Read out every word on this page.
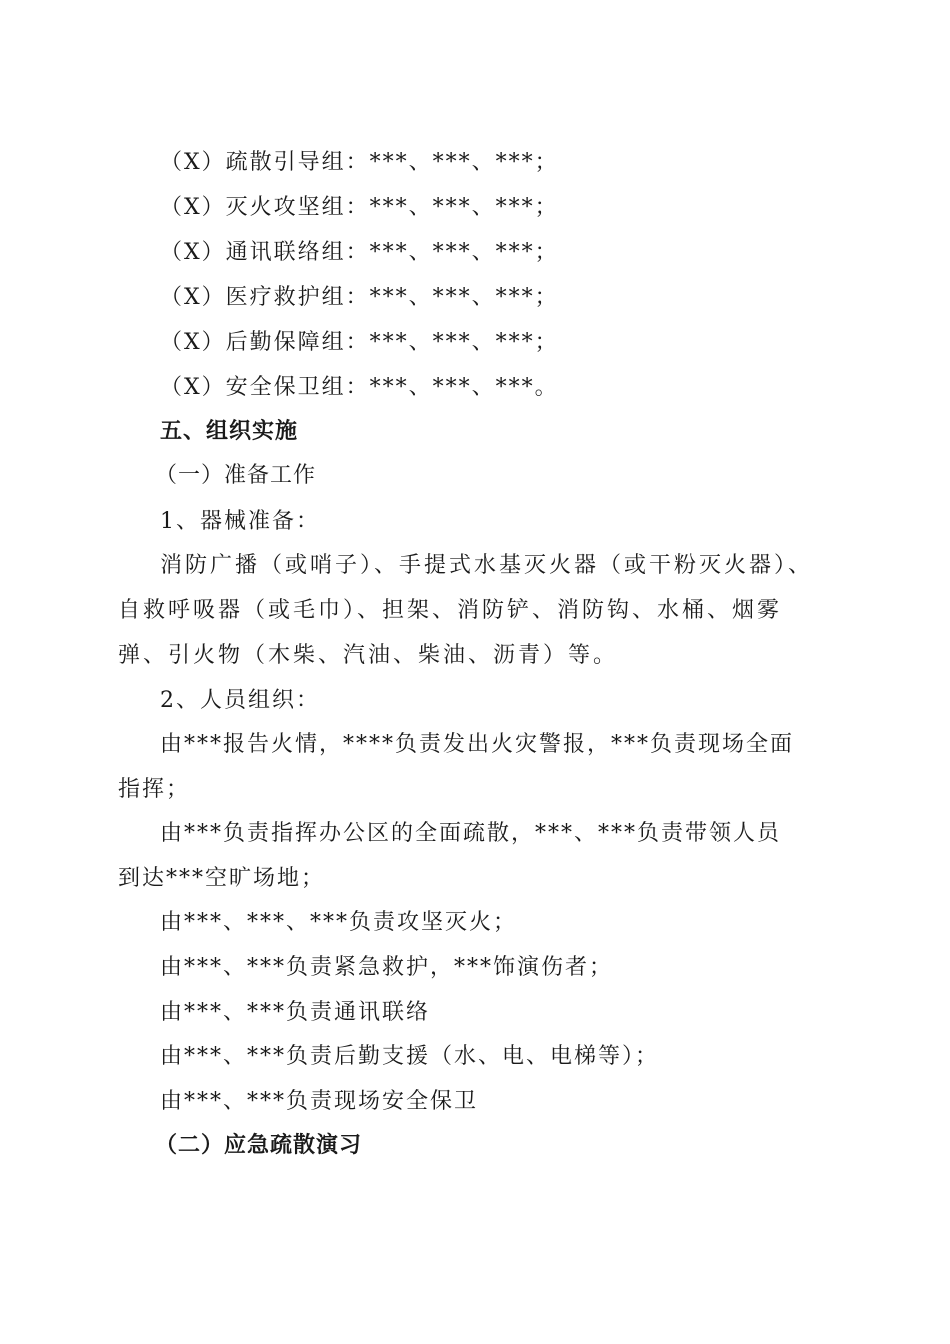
（X）疏散引导组：***、***、***；
（X）灭火攻坚组：***、***、***；
（X）通讯联络组：***、***、***；
（X）医疗救护组：***、***、***；
（X）后勤保障组：***、***、***；
（X）安全保卫组：***、***、***。
五、组织实施
（一）准备工作
1、器械准备：
消防广播（或哨子）、手提式水基灭火器（或干粉灭火器）、
自救呼吸器（或毛巾）、担架、消防铲、消防钩、水桶、烟雾
弹、引火物（木柴、汽油、柴油、沥青）等。
2、人员组织：
由***报告火情，****负责发出火灾警报，***负责现场全面
指挥；
由***负责指挥办公区的全面疏散，***、***负责带领人员
到达***空旷场地；
由***、***、***负责攻坚灭火；
由***、***负责紧急救护，***饰演伤者；
由***、***负责通讯联络
由***、***负责后勤支援（水、电、电梯等）；
由***、***负责现场安全保卫
（二）应急疏散演习
